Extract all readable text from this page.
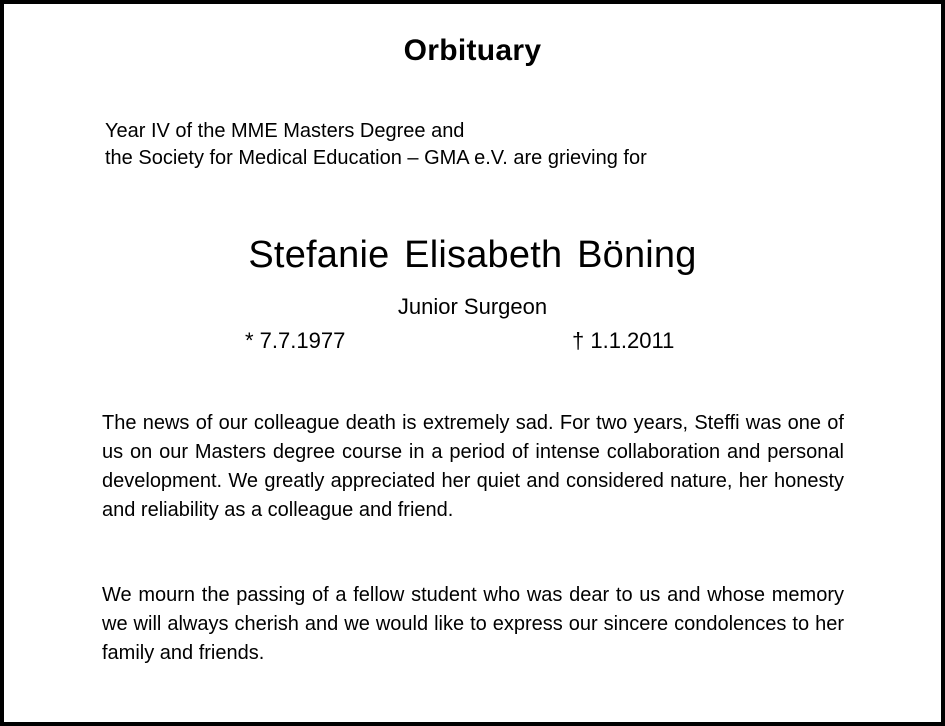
Orbituary
Year IV of the MME Masters Degree and
the Society for Medical Education – GMA e.V. are grieving for
Stefanie Elisabeth Böning
Junior Surgeon
* 7.7.1977	† 1.1.2011
The news of our colleague death is extremely sad. For two years, Steffi was one of us on our Masters degree course in a period of intense collaboration and personal development. We greatly appreciated her quiet and considered nature, her honesty and reliability as a colleague and friend.
We mourn the passing of a fellow student who was dear to us and whose memory we will always cherish and we would like to express our sincere condolences to her family and friends.
